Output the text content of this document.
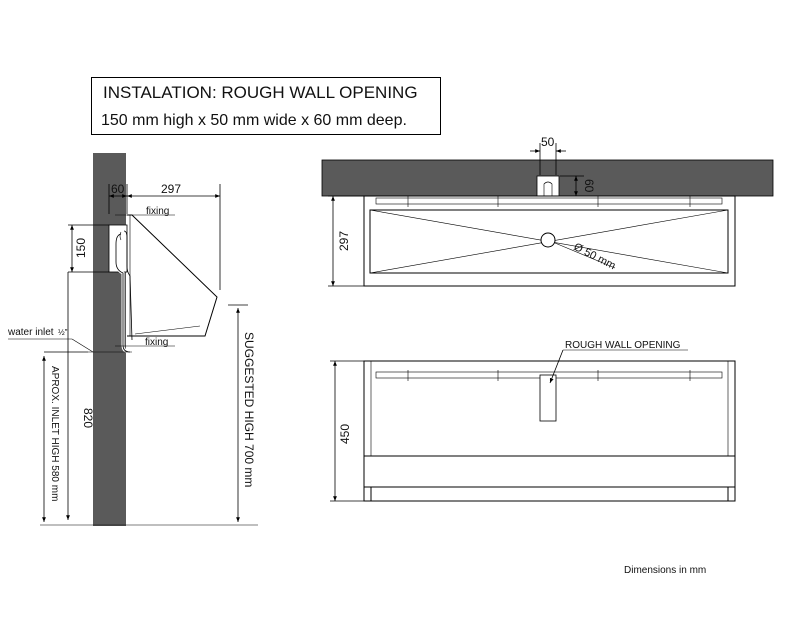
INSTALATION: ROUGH WALL OPENING
150 mm high x 50 mm wide x 60 mm deep.
60	297
fixing
150
820
water inlet ½"
fixing
APROX. INLET HIGH 580 mm	SUGGESTED HIGH 700 mm
Ø 50 mm
50
60
297
ROUGH WALL OPENING
450
Dimensions in mm
